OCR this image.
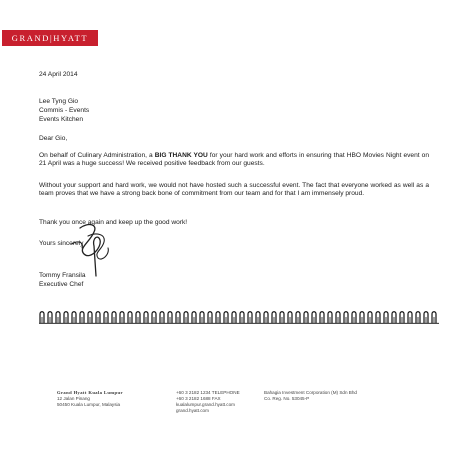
GRAND|HYATT
24 April 2014
Lee Tyng Gio
Commis - Events
Events Kitchen
Dear Gio,
On behalf of Culinary Administration, a BIG THANK YOU for your hard work and efforts in ensuring that HBO Movies Night event on 21 April was a huge success! We received positive feedback from our guests.
Without your support and hard work, we would not have hosted such a successful event. The fact that everyone worked as well as a team proves that we have a strong back bone of commitment from our team and for that I am immensely proud.
Thank you once again and keep up the good work!
Yours sincerely
Tommy Fransila
Executive Chef
Grand Hyatt Kuala Lumpur
12 Jalan Pinang
50450 Kuala Lumpur, Malaysia
+60 3 2182 1234 TELEPHONE
+60 3 2182 1688 FAX
kualalumpur.grand.hyatt.com
grand.hyatt.com
Bahagia Investment Corporation (M) Sdn Bhd
Co. Reg. No. 53045-P
